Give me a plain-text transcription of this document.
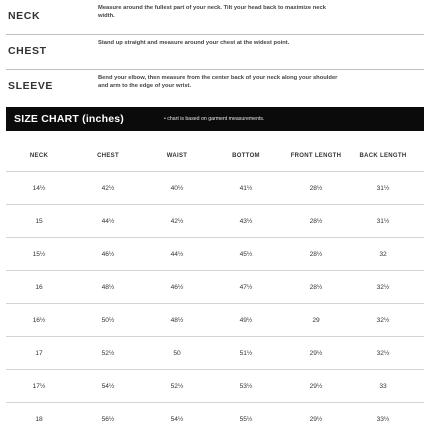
NECK
Measure around the fullest part of your neck. Tilt your head back to maximize neck width.
CHEST
Stand up straight and measure around your chest at the widest point.
SLEEVE
Bend your elbow, then measure from the center back of your neck along your shoulder and arm to the edge of your wrist.
SIZE CHART (inches)	• chart is based on garment measurements.
NECK	CHEST	WAIST	BOTTOM	FRONT LENGTH	BACK LENGTH
14½	42½	40½	41½	28½	31½
15	44½	42½	43½	28½	31½
15½	46½	44½	45½	28½	32
16	48½	46½	47½	28½	32½
16½	50½	48½	49½	29	32½
17	52½	50	51½	29½	32½
17½	54½	52½	53½	29½	33
18	56½	54½	55½	29½	33½
